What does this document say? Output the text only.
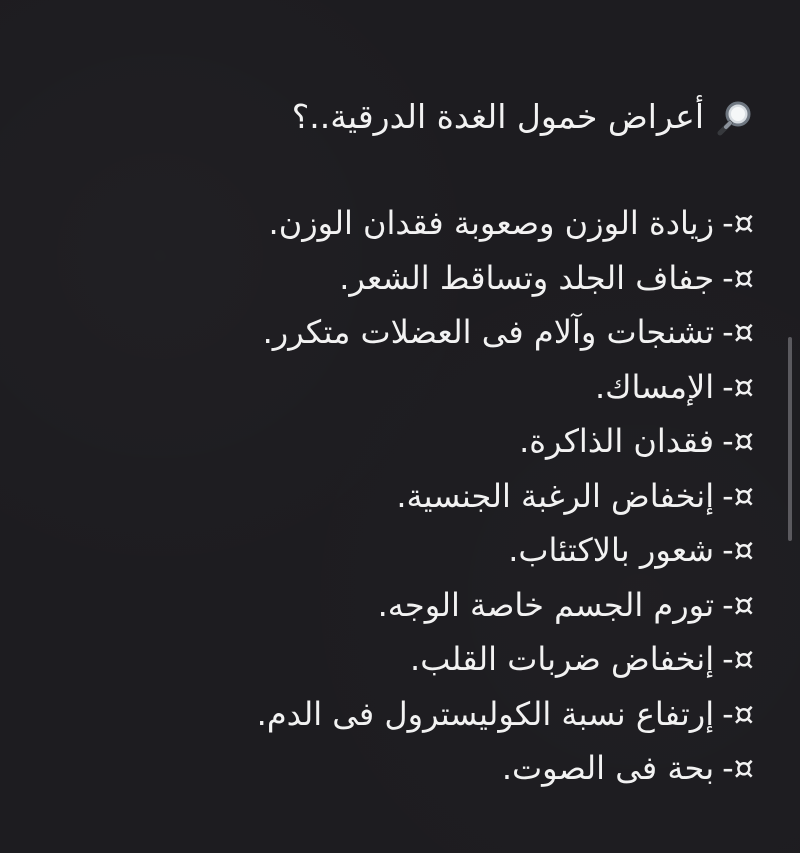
أعراض خمول الغدة الدرقية..؟
¤-زيادة الوزن وصعوبة فقدان الوزن.
¤-جفاف الجلد وتساقط الشعر.
¤-تشنجات وآلام فى العضلات متكرر.
¤-الإمساك.
¤-فقدان الذاكرة.
¤-إنخفاض الرغبة الجنسية.
¤-شعور بالاكتئاب.
¤-تورم الجسم خاصة الوجه.
¤-إنخفاض ضربات القلب.
¤-إرتفاع نسبة الكوليسترول فى الدم.
¤-بحة فى الصوت.
